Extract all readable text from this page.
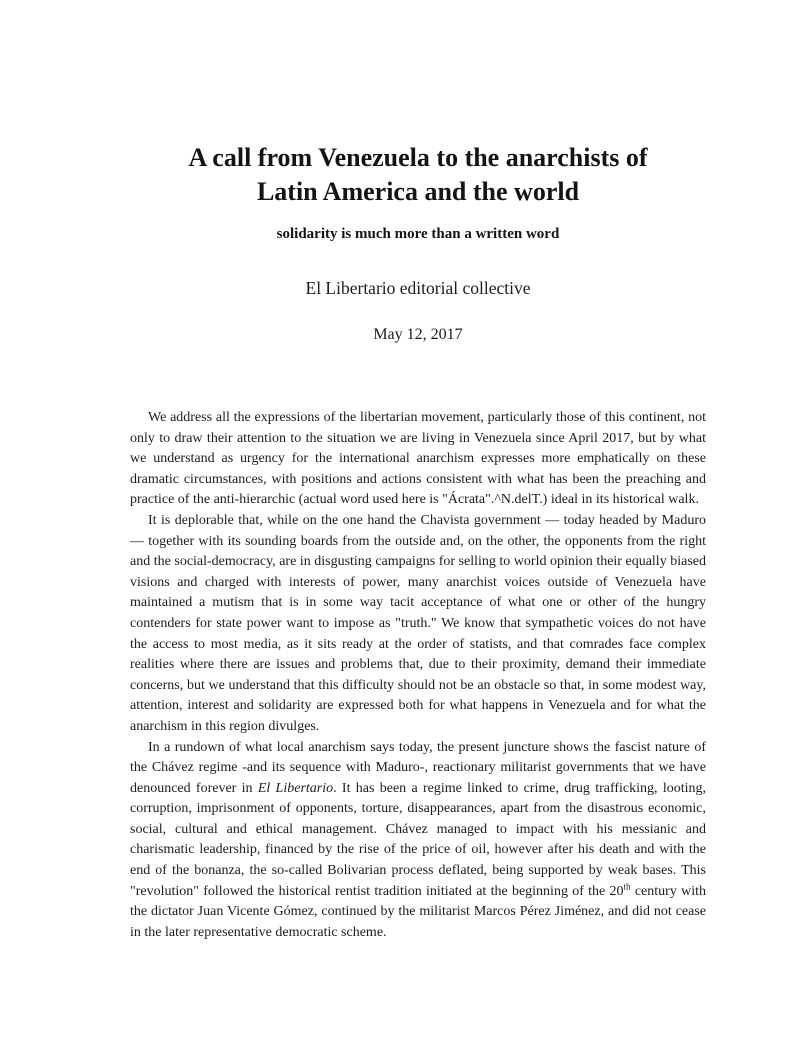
A call from Venezuela to the anarchists of
Latin America and the world
solidarity is much more than a written word
El Libertario editorial collective
May 12, 2017

We address all the expressions of the libertarian movement, particularly those of this continent, not only to draw their attention to the situation we are living in Venezuela since April 2017, but by what we understand as urgency for the international anarchism expresses more emphatically on these dramatic circumstances, with positions and actions consistent with what has been the preaching and practice of the anti-hierarchic (actual word used here is "Ácrata".^N.delT.) ideal in its historical walk.

It is deplorable that, while on the one hand the Chavista government — today headed by Maduro — together with its sounding boards from the outside and, on the other, the opponents from the right and the social-democracy, are in disgusting campaigns for selling to world opinion their equally biased visions and charged with interests of power, many anarchist voices outside of Venezuela have maintained a mutism that is in some way tacit acceptance of what one or other of the hungry contenders for state power want to impose as "truth." We know that sympathetic voices do not have the access to most media, as it sits ready at the order of statists, and that comrades face complex realities where there are issues and problems that, due to their proximity, demand their immediate concerns, but we understand that this difficulty should not be an obstacle so that, in some modest way, attention, interest and solidarity are expressed both for what happens in Venezuela and for what the anarchism in this region divulges.

In a rundown of what local anarchism says today, the present juncture shows the fascist nature of the Chávez regime -and its sequence with Maduro-, reactionary militarist governments that we have denounced forever in El Libertario. It has been a regime linked to crime, drug trafficking, looting, corruption, imprisonment of opponents, torture, disappearances, apart from the disastrous economic, social, cultural and ethical management. Chávez managed to impact with his messianic and charismatic leadership, financed by the rise of the price of oil, however after his death and with the end of the bonanza, the so-called Bolivarian process deflated, being supported by weak bases. This "revolution" followed the historical rentist tradition initiated at the beginning of the 20th century with the dictator Juan Vicente Gómez, continued by the militarist Marcos Pérez Jiménez, and did not cease in the later representative democratic scheme.
